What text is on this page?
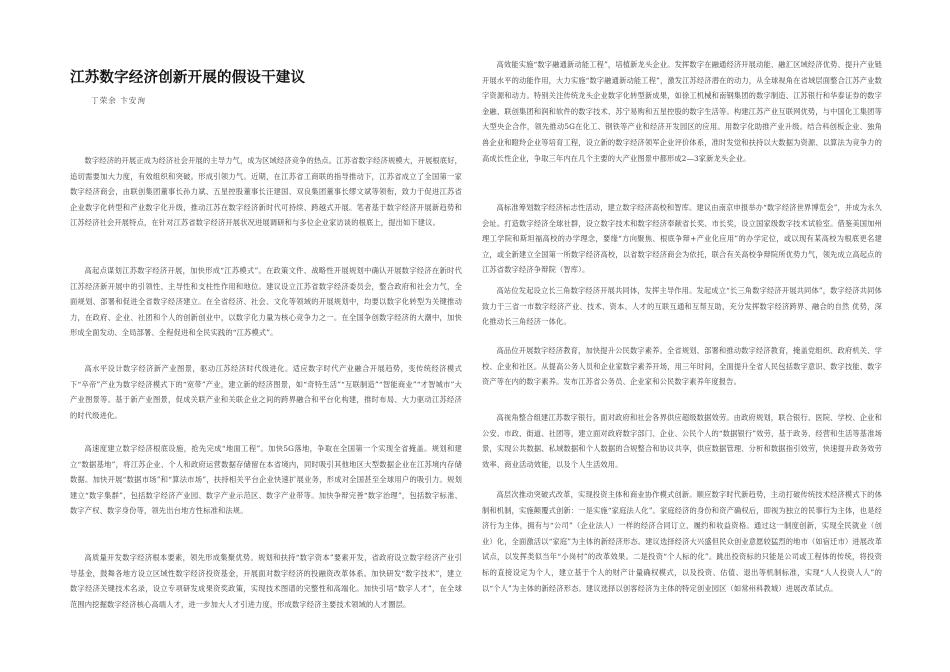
江苏数字经济创新开展的假设干建议
丁荣余 卞安洵

数字经济的开展正成为经济社会开展的主导力气，成为区域经济竞争的热点。江苏省数字经济规模大，开展根底好，追切需要加大力度，有效组织和突破。形成引领力气。近期，在江苏省工商联的指导推动下，江苏省成立了全国第一家数字经济商会，由联创集团董事长孙力斌、五星控股董事长汪建国、双良集团董事长缪文斌等领衔，致力于促进江苏省企业数字化转型和产业数字化升级，推动江苏在数字经济新时代可持续、跨越式开展。笔者基于数字经济开展新趋势和江苏经济社会开展特点，在针对江苏省数字经济开展状况进展调研和与多位企业家访谈的根底上，提出如下建议。

高起点谋划江苏数字经济开展，加快形成“江苏模式”。在政策文件、战略性开展规划中确认开展数字经济在新时代江苏经济新开展中的引领性、主导性和支柱性作用和地位。建议设立江苏省数字经济委员会，整合政府和社会力气，全面规划、部署和促进全省数字经济建立。在全省经济、社会、文化等领域的开展规划中，均要以数字化转型为关键推动力，在政府、企业、社团和个人的创新创业中，以数字化力量为核心竞争力之一。在全国争创数字经济的大潮中，加快形成全面发动、全局部署、全程促进和全民实践的“江苏模式”。

高水平设计数字经济新产业图景，驱动江苏经济时代级进化。适应数字时代产业融合开展趋势，变传统经济模式下“卒帝”产业为数字经济模式下的“宽带”产业，建立新的经济图景，如“奇特生活”“互联制造”“智能商业”“才智城市”大产业图景等。基于新产业图景，促成关联产业和关联企业之间的跨界融合和平台化构建，推时布局、大力驱动江苏经济的时代级进化。

高速度建立数字经济根底设施，抢先完成“地面工程”。加快5G落地，争取在全国第一个实现全省掩盖。规划和建立“数据基地”，将江苏企业、个人和政府运营数据存储留在本省境内，同时吸引其他地区大型数据企业在江苏境内存储数据。加快开展“数据市场”和“算法市场”，扶持相关平台企业快速扩展业务，形成对全国甚至全球用户的吸引力。规划建立“数字集群”，包括数字经济产业园、数字产业示范区、数字产业带等。加快争辩完善“数字治理”，包括数字标准、数字产权、数字身份等，领先出台地方性标准和法规。

高质量开发数字经济根本要素，领先形成集聚优势。规划和扶持“数字资本”要素开发，省政府设立数字经济产业引导基金，鼓舞各地方设立区域性数字经济投资基金，开展面对数字经济的投融资改革体系。加快研发“数字技术”，建立数字经济关键技术名录，设立专项研发成果资奖政策，实现技术图谱的完整性和高端化。加快引培“数字人才”，在全球范围内挖掘数字经济核心高端人才，进一步加大人才引进力度，形成数字经济主要技术领域的人才圈层。

高效能实施“数字融通新动能工程”，培植新龙头企业。发挥数字在融通经济开展动能、融汇区域经济优势、提升产业链开展水平的动能作用，大力实施“数字融通新动能工程”，激发江苏经济潜在的动力，从全球视角在省域层面整合江苏产业数字资源和动力。特别关注传统龙头企业数字化转型新成果，如徐工机械和南钢集团的数字制造、江苏银行和华泰证券的数字金融、联创集团和润和软件的数字技术、苏宁易购和五星控股的数字生活等。构建江苏产业互联网优势，与中国化工集团等大型央企合作，领先推动5G在化工、钢铁等产业和经济开发园区的应用。用数字化助推产业升级。结合科创板企业、独角兽企业和瞪羚企业等培育工程，设立新的数字经济领军企业评价体系，准时发觉和扶持以大数据为资源、以算法为竞争力的高成长性企业，争取三年内在几个主要的大产业图景中都形成2—3家新龙头企业。

高标准筹划数字经济标志性活动，建立数字经济高校和智库。建议由南京申报举办“数字经济世界博览会”，并成为永久会址。打造数字经济全球社群，设立数字技术和数字经济奉献省长奖、市长奖，设立国家级数字技术试验室。借鉴美国加州理工学院和斯坦福高校的办学理念，要缘“方向聚焦、根底争辩+产业化应用”的办学定位，或以现有某高校为根底更名建立，或全新建立全国第一所数字经济高校，以省数字经济商会为依托，联合有关高校争辩院所优势力气，领先成立高起点的江苏省数字经济争辩院（智库）。

高站位发起设立长三角数字经济开展共同体，发挥主导作用。发起成立“长三角数字经济开展共同体”，数字经济共同体致力于三省一市数字经济产业、技术、资本、人才的互联互通和互帮互助，充分发挥数字经济跨界、融合的自然 优势，深化推动长三角经济一体化。

高品位开展数字经济教育，加快提升公民数字素养。全省规划、部署和推动数字经济教育，掩盖党组织、政府机关、学校、企业和社区。从提高公务人员和企业家数字素养开场，用三年时间，全面提升全省人民包括数字意识、数字技能、数字资产等在内的数字素养。发布江苏省公务员、企业家和公民数字素养年度报告。

高视角整合组建江苏数字银行，面对政府和社会各界供应超级数据效劳。由政府规划，联合银行、医院、学校、企业和公安、市政、街道、社团等，建立面对政府数字部门、企业、公民个人的“数据银行”效劳，基于政务、经营和生活等基准场景，实现公共数据、私域数据和个人数据的合规整合和协议共享，供应数据管理、分析和数据指引效劳，快速提升政务效劳效率、商业活动效能，以及个人生活效用。

高层次推动突破式改革，实现投资主体和商业协作模式创新。顺应数字时代新趋势，主动打破传统技术经济模式下的体制和机制，实施颠覆式创新：一是实施“家庭法人化”。家庭经济的身份和资产确权后，即视为独立的民事行为主体，也是经济行为主体，拥有与“公司”（企业法人）一样的经济合同订立、履约和收益资格。通过这一制度创新，实现全民就业（创业）化，全面激活以“家庭”为主体的新经济形态。建议选择经济大兴盛但民众创业意愿较猛烈的地市（如宿迁市）进展改革试点，以发挥类似当年“小岗村”的改革效果。二是投资“个人标的化”。跳出投资标的只能是公司或工程体的传统，将投资标的直接设定为个人，建立基于个人的财产计量确权模式，以及投资、估值、退出等机制标准，实现“人人投资人人”的以“个人”为主体的新经济形态。建议选择以创客经济为主体的特定创业园区（如常州科教城）进展改革试点。
